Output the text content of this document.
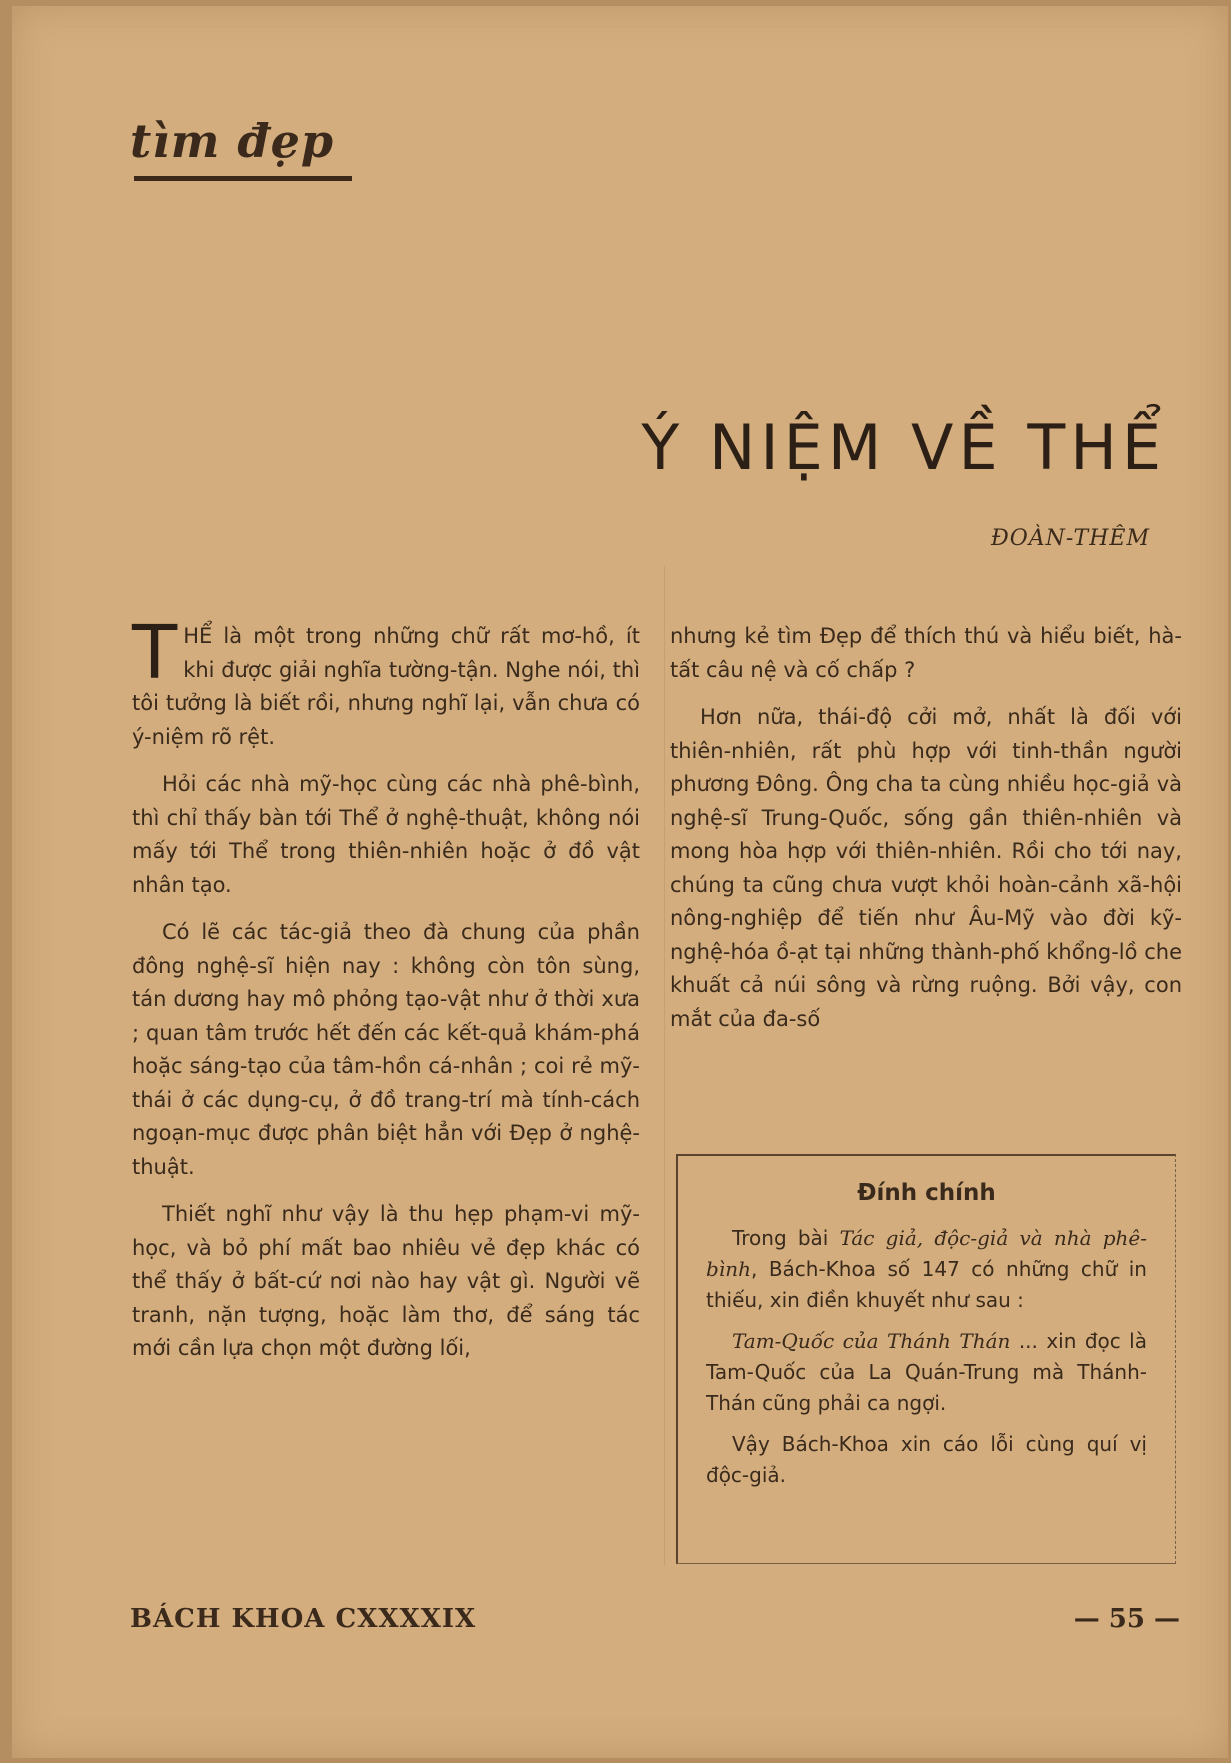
tìm đẹp
Ý NIỆM VỀ THỂ
ĐOÀN-THÊM

THỂ là một trong những chữ rất mơ-hồ, ít khi được giải nghĩa tường-tận. Nghe nói, thì tôi tưởng là biết rồi, nhưng nghĩ lại, vẫn chưa có ý-niệm rõ rệt.

Hỏi các nhà mỹ-học cùng các nhà phê-bình, thì chỉ thấy bàn tới Thể ở nghệ-thuật, không nói mấy tới Thể trong thiên-nhiên hoặc ở đồ vật nhân tạo.

Có lẽ các tác-giả theo đà chung của phần đông nghệ-sĩ hiện nay : không còn tôn sùng, tán dương hay mô phỏng tạo-vật như ở thời xưa ; quan tâm trước hết đến các kết-quả khám-phá hoặc sáng-tạo của tâm-hồn cá-nhân ; coi rẻ mỹ-thái ở các dụng-cụ, ở đồ trang-trí mà tính-cách ngoạn-mục được phân biệt hẳn với Đẹp ở nghệ-thuật.

Thiết nghĩ như vậy là thu hẹp phạm-vi mỹ-học, và bỏ phí mất bao nhiêu vẻ đẹp khác có thể thấy ở bất-cứ nơi nào hay vật gì. Người vẽ tranh, nặn tượng, hoặc làm thơ, để sáng tác mới cần lựa chọn một đường lối,

nhưng kẻ tìm Đẹp để thích thú và hiểu biết, hà-tất câu nệ và cố chấp ?

Hơn nữa, thái-độ cởi mở, nhất là đối với thiên-nhiên, rất phù hợp với tinh-thần người phương Đông. Ông cha ta cùng nhiều học-giả và nghệ-sĩ Trung-Quốc, sống gần thiên-nhiên và mong hòa hợp với thiên-nhiên. Rồi cho tới nay, chúng ta cũng chưa vượt khỏi hoàn-cảnh xã-hội nông-nghiệp để tiến như Âu-Mỹ vào đời kỹ-nghệ-hóa ồ-ạt tại những thành-phố khổng-lồ che khuất cả núi sông và rừng ruộng. Bởi vậy, con mắt của đa-số

Đính chính

Trong bài Tác giả, độc-giả và nhà phê-bình, Bách-Khoa số 147 có những chữ in thiếu, xin điền khuyết như sau :

Tam-Quốc của Thánh Thán ... xin đọc là Tam-Quốc của La Quán-Trung mà Thánh-Thán cũng phải ca ngợi.

Vậy Bách-Khoa xin cáo lỗi cùng quí vị độc-giả.

BÁCH KHOA CXXXXIX	— 55 —
